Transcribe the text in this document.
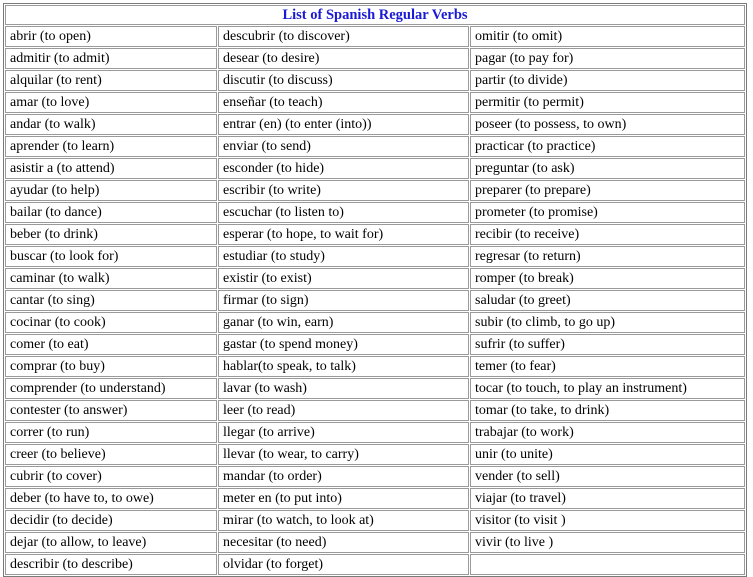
List of Spanish Regular Verbs		
abrir (to open)	descubrir (to discover)	omitir (to omit)
admitir (to admit)	desear (to desire)	pagar (to pay for)
alquilar (to rent)	discutir (to discuss)	partir (to divide)
amar (to love)	enseñar (to teach)	permitir (to permit)
andar (to walk)	entrar (en) (to enter (into))	poseer (to possess, to own)
aprender (to learn)	enviar (to send)	practicar (to practice)
asistir a (to attend)	esconder (to hide)	preguntar (to ask)
ayudar (to help)	escribir (to write)	preparer (to prepare)
bailar (to dance)	escuchar (to listen to)	prometer (to promise)
beber (to drink)	esperar (to hope, to wait for)	recibir (to receive)
buscar (to look for)	estudiar (to study)	regresar (to return)
caminar (to walk)	existir (to exist)	romper (to break)
cantar (to sing)	firmar (to sign)	saludar (to greet)
cocinar (to cook)	ganar (to win, earn)	subir (to climb, to go up)
comer (to eat)	gastar (to spend money)	sufrir (to suffer)
comprar (to buy)	hablar(to speak, to talk)	temer (to fear)
comprender (to understand)	lavar (to wash)	tocar (to touch, to play an instrument)
contester (to answer)	leer (to read)	tomar (to take, to drink)
correr (to run)	llegar (to arrive)	trabajar (to work)
creer (to believe)	llevar (to wear, to carry)	unir (to unite)
cubrir (to cover)	mandar (to order)	vender (to sell)
deber (to have to, to owe)	meter en (to put into)	viajar (to travel)
decidir (to decide)	mirar (to watch, to look at)	visitor (to visit )
dejar (to allow, to leave)	necesitar (to need)	vivir (to live )
describir (to describe)	olvidar (to forget)	
